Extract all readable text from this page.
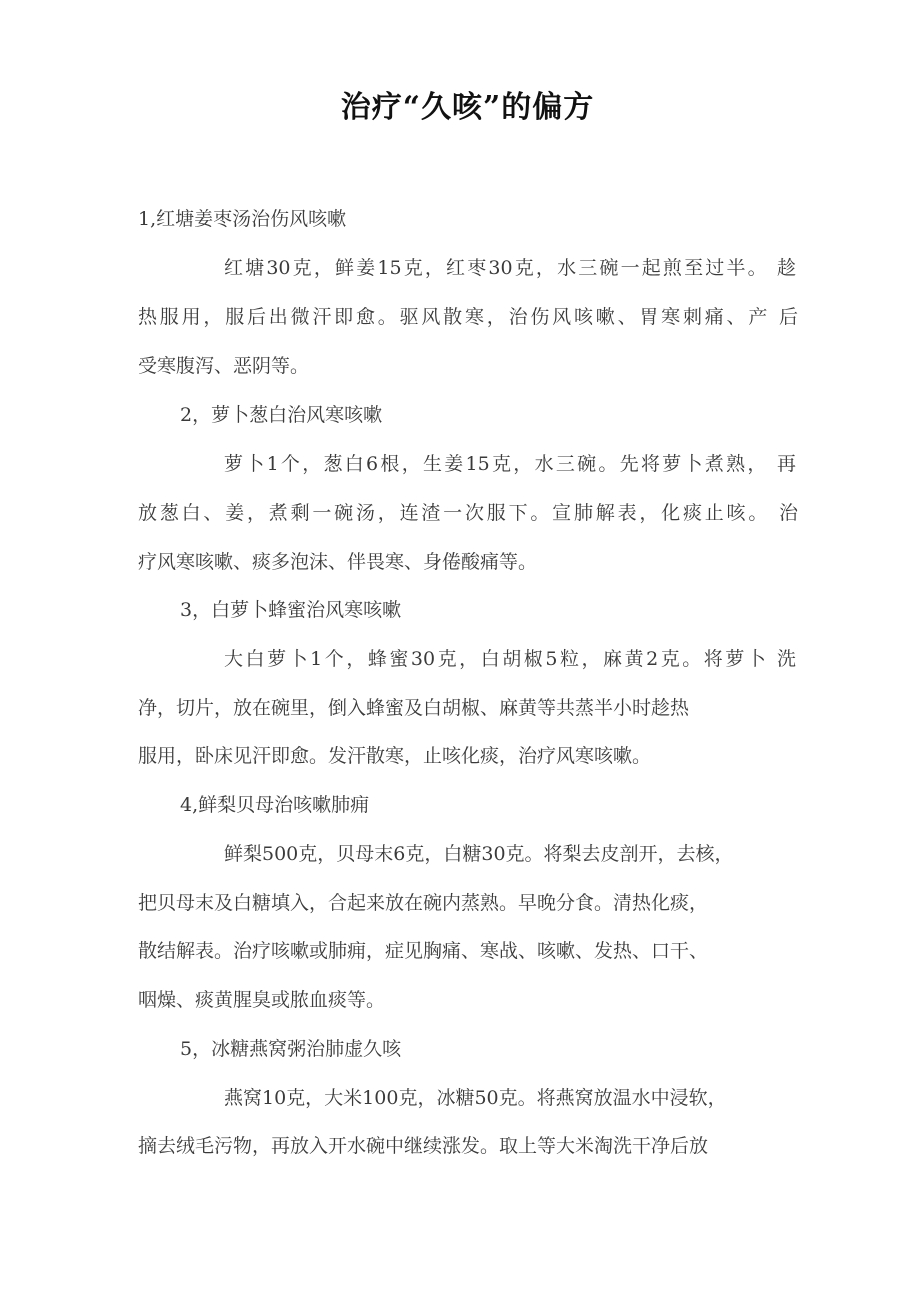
治疗“久咳”的偏方
1,红塘姜枣汤治伤风咳嗽
红塘30克，鲜姜15克，红枣30克，水三碗一起煎至过半。 趁
热服用，服后出微汗即愈。驱风散寒，治伤风咳嗽、胃寒刺痛、产 后
受寒腹泻、恶阴等。
2，萝卜葱白治风寒咳嗽
萝卜1个，葱白6根，生姜15克，水三碗。先将萝卜煮熟， 再
放葱白、姜，煮剩一碗汤，连渣一次服下。宣肺解表，化痰止咳。 治
疗风寒咳嗽、痰多泡沫、伴畏寒、身倦酸痛等。
3，白萝卜蜂蜜治风寒咳嗽
大白萝卜1个，蜂蜜30克，白胡椒5粒，麻黄2克。将萝卜 洗
净，切片，放在碗里，倒入蜂蜜及白胡椒、麻黄等共蒸半小时趁热
服用，卧床见汗即愈。发汗散寒，止咳化痰，治疗风寒咳嗽。
4,鲜梨贝母治咳嗽肺痈
鲜梨500克，贝母末6克，白糖30克。将梨去皮剖开，去核，
把贝母末及白糖填入，合起来放在碗内蒸熟。早晚分食。清热化痰，
散结解表。治疗咳嗽或肺痈，症见胸痛、寒战、咳嗽、发热、口干、
咽燥、痰黄腥臭或脓血痰等。
5，冰糖燕窝粥治肺虚久咳
燕窝10克，大米100克，冰糖50克。将燕窝放温水中浸软，
摘去绒毛污物，再放入开水碗中继续涨发。取上等大米淘洗干净后放
